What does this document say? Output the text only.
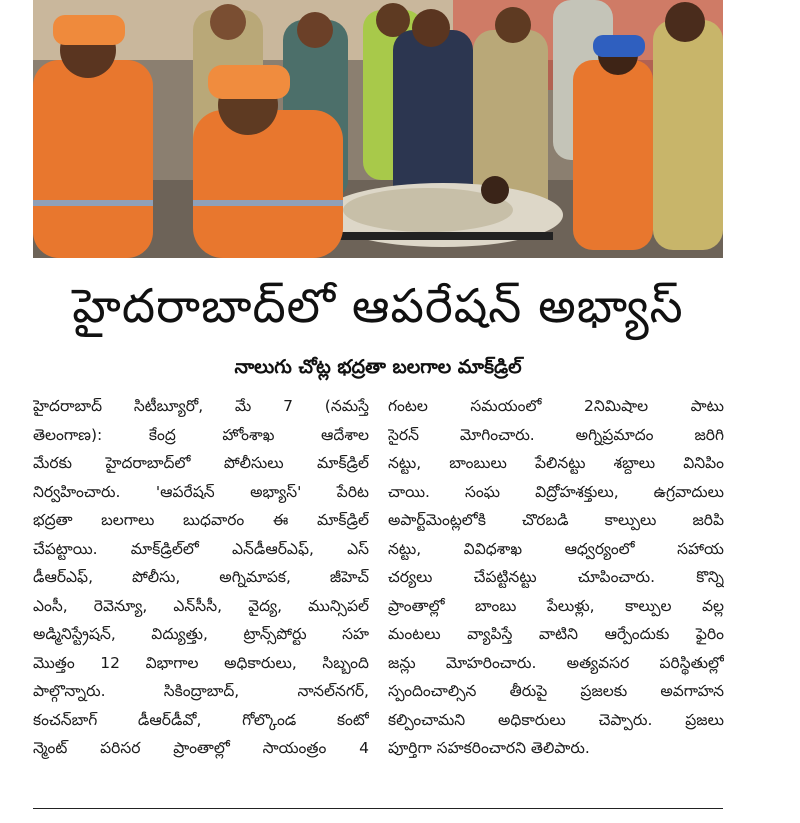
హైదరాబాద్‌లో ఆపరేషన్ అభ్యాస్
నాలుగు చోట్ల భద్రతా బలగాల మాక్‌డ్రిల్
హైదరాబాద్ సిటీబ్యూరో, మే 7 (నమస్తే
తెలంగాణ): కేంద్ర హోంశాఖ ఆదేశాల
మేరకు హైదరాబాద్‌లో పోలీసులు మాక్‌డ్రిల్
నిర్వహించారు. 'ఆపరేషన్ అభ్యాస్' పేరిట
భద్రతా బలగాలు బుధవారం ఈ మాక్‌డ్రిల్
చేపట్టాయి. మాక్‌డ్రిల్‌లో ఎన్‌డీఆర్‌ఎఫ్, ఎస్
డీఆర్‌ఎఫ్, పోలీసు, అగ్నిమాపక, జీహెచ్
ఎంసీ, రెవెన్యూ, ఎన్‌సీసీ, వైద్య, మున్సిపల్
అడ్మినిస్ట్రేషన్, విద్యుత్తు, ట్రాన్స్‌పోర్టు సహ
మొత్తం 12 విభాగాల అధికారులు, సిబ్బంది
పాల్గొన్నారు. సికింద్రాబాద్, నానల్‌నగర్,
కంచన్‌బాగ్ డీఆర్‌డీవో, గోల్కొండ కంటో
న్మెంట్ పరిసర ప్రాంతాల్లో సాయంత్రం 4
గంటల సమయంలో 2నిమిషాల పాటు
సైరన్ మోగించారు. అగ్నిప్రమాదం జరిగి
నట్టు, బాంబులు పేలినట్టు శబ్దాలు వినిపిం
చాయి. సంఘ విద్రోహశక్తులు, ఉగ్రవాదులు
అపార్ట్‌మెంట్లలోకి చొరబడి కాల్పులు జరిపి
నట్టు, వివిధశాఖ ఆధ్వర్యంలో సహాయ
చర్యలు చేపట్టినట్టు చూపించారు. కొన్ని
ప్రాంతాల్లో బాంబు పేలుళ్లు, కాల్పుల వల్ల
మంటలు వ్యాపిస్తే వాటిని ఆర్పేందుకు ఫైరిం
జన్లు మోహరించారు. అత్యవసర పరిస్థితుల్లో
స్పందించాల్సిన తీరుపై ప్రజలకు అవగాహన
కల్పించామని అధికారులు చెప్పారు. ప్రజలు
పూర్తిగా సహకరించారని తెలిపారు.
